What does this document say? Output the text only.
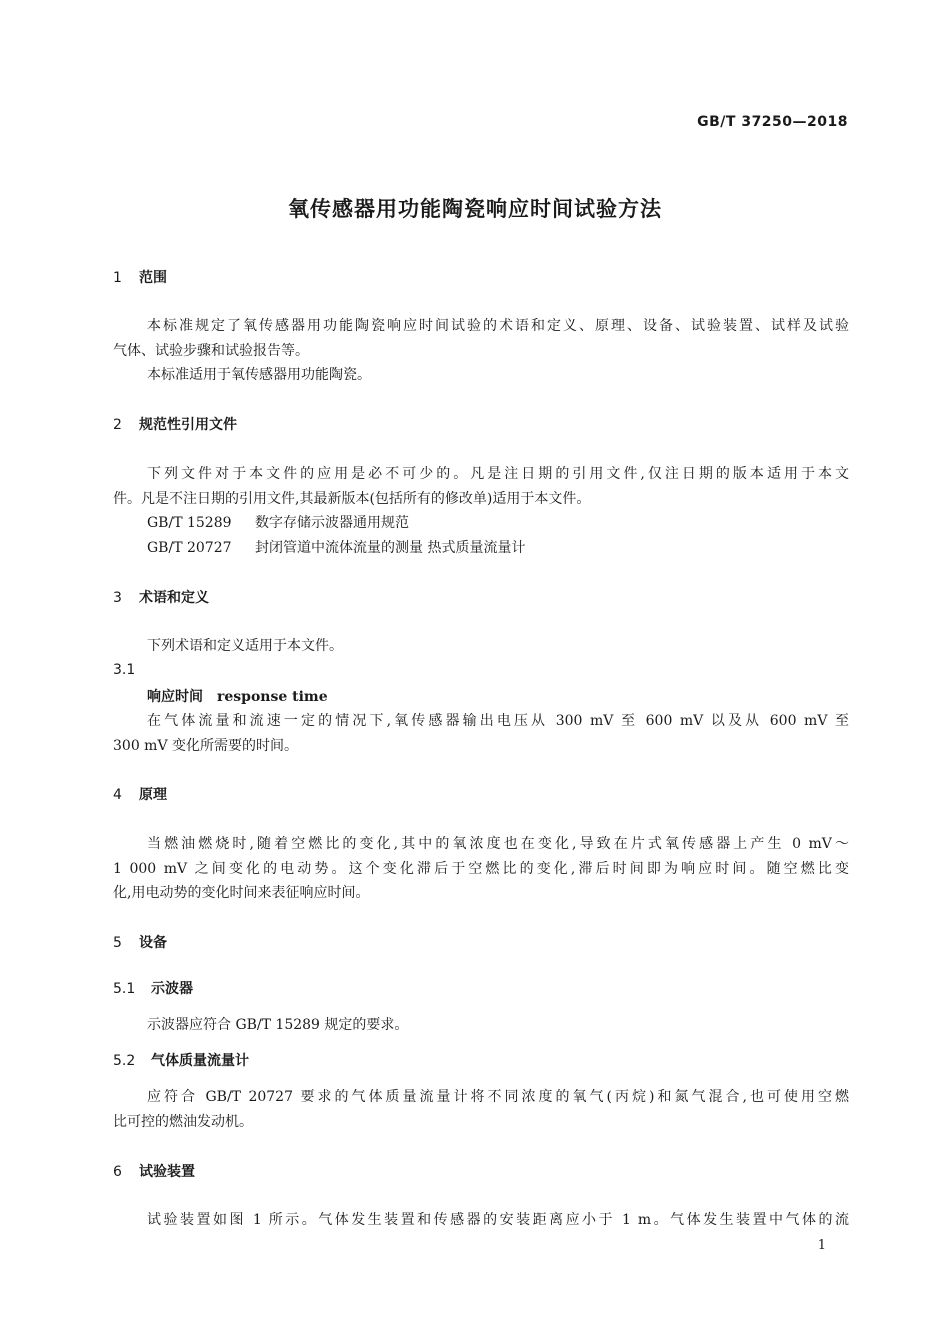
GB/T 37250—2018
氧传感器用功能陶瓷响应时间试验方法
1 范围
本标准规定了氧传感器用功能陶瓷响应时间试验的术语和定义、原理、设备、试验装置、试样及试验
气体、试验步骤和试验报告等。
本标准适用于氧传感器用功能陶瓷。
2 规范性引用文件
下列文件对于本文件的应用是必不可少的。凡是注日期的引用文件,仅注日期的版本适用于本文
件。凡是不注日期的引用文件,其最新版本(包括所有的修改单)适用于本文件。
GB/T 15289 数字存储示波器通用规范
GB/T 20727 封闭管道中流体流量的测量 热式质量流量计
3 术语和定义
下列术语和定义适用于本文件。
3.1
响应时间 response time
在气体流量和流速一定的情况下,氧传感器输出电压从 300 mV 至 600 mV 以及从 600 mV 至
300 mV 变化所需要的时间。
4 原理
当燃油燃烧时,随着空燃比的变化,其中的氧浓度也在变化,导致在片式氧传感器上产生 0 mV～
1 000 mV 之间变化的电动势。这个变化滞后于空燃比的变化,滞后时间即为响应时间。随空燃比变
化,用电动势的变化时间来表征响应时间。
5 设备
5.1 示波器
示波器应符合 GB/T 15289 规定的要求。
5.2 气体质量流量计
应符合 GB/T 20727 要求的气体质量流量计将不同浓度的氧气(丙烷)和氮气混合,也可使用空燃
比可控的燃油发动机。
6 试验装置
试验装置如图 1 所示。气体发生装置和传感器的安装距离应小于 1 m。气体发生装置中气体的流
1
